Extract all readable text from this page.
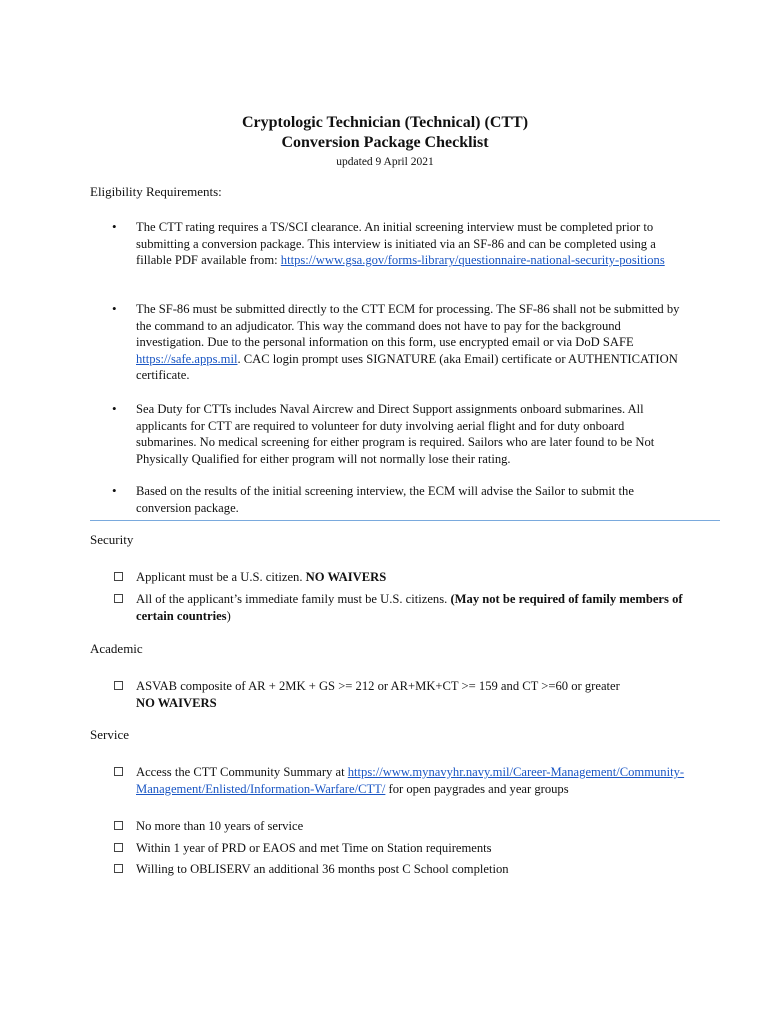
Cryptologic Technician (Technical) (CTT)
Conversion Package Checklist
updated 9 April 2021
Eligibility Requirements:
•	The CTT rating requires a TS/SCI clearance. An initial screening interview must be completed prior to submitting a conversion package. This interview is initiated via an SF-86 and can be completed using a fillable PDF available from: https://www.gsa.gov/forms-library/questionnaire-national-security-positions
•	The SF-86 must be submitted directly to the CTT ECM for processing. The SF-86 shall not be submitted by the command to an adjudicator. This way the command does not have to pay for the background investigation. Due to the personal information on this form, use encrypted email or via DoD SAFE https://safe.apps.mil. CAC login prompt uses SIGNATURE (aka Email) certificate or AUTHENTICATION certificate.
•	Sea Duty for CTTs includes Naval Aircrew and Direct Support assignments onboard submarines. All applicants for CTT are required to volunteer for duty involving aerial flight and for duty onboard submarines. No medical screening for either program is required. Sailors who are later found to be Not Physically Qualified for either program will not normally lose their rating.
•	Based on the results of the initial screening interview, the ECM will advise the Sailor to submit the conversion package.
Security
Applicant must be a U.S. citizen. NO WAIVERS
All of the applicant’s immediate family must be U.S. citizens. (May not be required of family members of certain countries)
Academic
ASVAB composite of AR + 2MK + GS >= 212 or AR+MK+CT >= 159 and CT >=60 or greater
NO WAIVERS
Service
Access the CTT Community Summary at https://www.mynavyhr.navy.mil/Career-Management/Community-Management/Enlisted/Information-Warfare/CTT/ for open paygrades and year groups
No more than 10 years of service
Within 1 year of PRD or EAOS and met Time on Station requirements
Willing to OBLISERV an additional 36 months post C School completion
